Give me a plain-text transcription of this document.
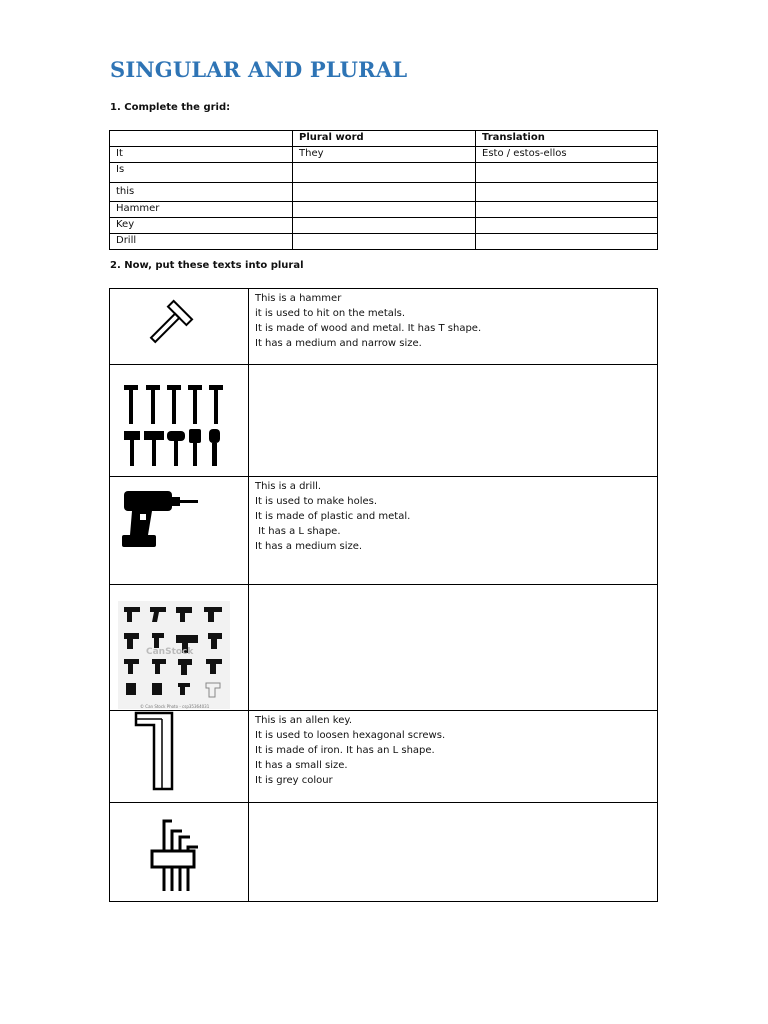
SINGULAR AND PLURAL

1. Complete the grid:

	Plural word	Translation
It	They	Esto / estos-ellos
Is		
this		
Hammer		
Key		
Drill		

2. Now, put these texts into plural

This is a hammer
it is used to hit on the metals.
It is made of wood and metal. It has T shape.
It has a medium and narrow size.

This is a drill.
It is used to make holes.
It is made of plastic and metal.
It has a L shape.
It has a medium size.

CanStock
© Can Stock Photo - csp35364031	

This is an allen key.
It is used to loosen hexagonal screws.
It is made of iron. It has an L shape.
It has a small size.
It is grey colour
